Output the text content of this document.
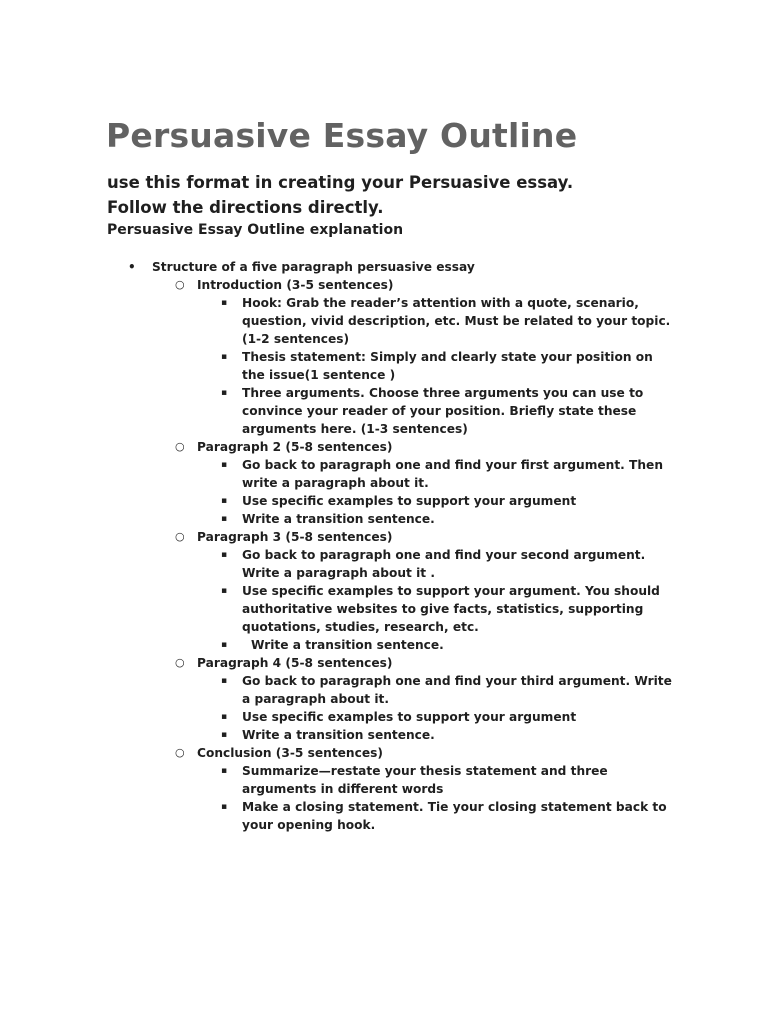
Persuasive Essay Outline

use this format in creating your Persuasive essay.

Follow the directions directly.

Persuasive Essay Outline explanation

• Structure of a five paragraph persuasive essay
○ Introduction (3-5 sentences)
▪ Hook: Grab the reader’s attention with a quote, scenario, question, vivid description, etc. Must be related to your topic. (1-2 sentences)
▪ Thesis statement: Simply and clearly state your position on the issue(1 sentence )
▪ Three arguments. Choose three arguments you can use to convince your reader of your position. Briefly state these arguments here. (1-3 sentences)
○ Paragraph 2 (5-8 sentences)
▪ Go back to paragraph one and find your first argument. Then write a paragraph about it.
▪ Use specific examples to support your argument
▪ Write a transition sentence.
○ Paragraph 3 (5-8 sentences)
▪ Go back to paragraph one and find your second argument. Write a paragraph about it .
▪ Use specific examples to support your argument. You should authoritative websites to give facts, statistics, supporting quotations, studies, research, etc.
▪ Write a transition sentence.
○ Paragraph 4 (5-8 sentences)
▪ Go back to paragraph one and find your third argument. Write a paragraph about it.
▪ Use specific examples to support your argument
▪ Write a transition sentence.
○ Conclusion (3-5 sentences)
▪ Summarize—restate your thesis statement and three arguments in different words
▪ Make a closing statement. Tie your closing statement back to your opening hook.
